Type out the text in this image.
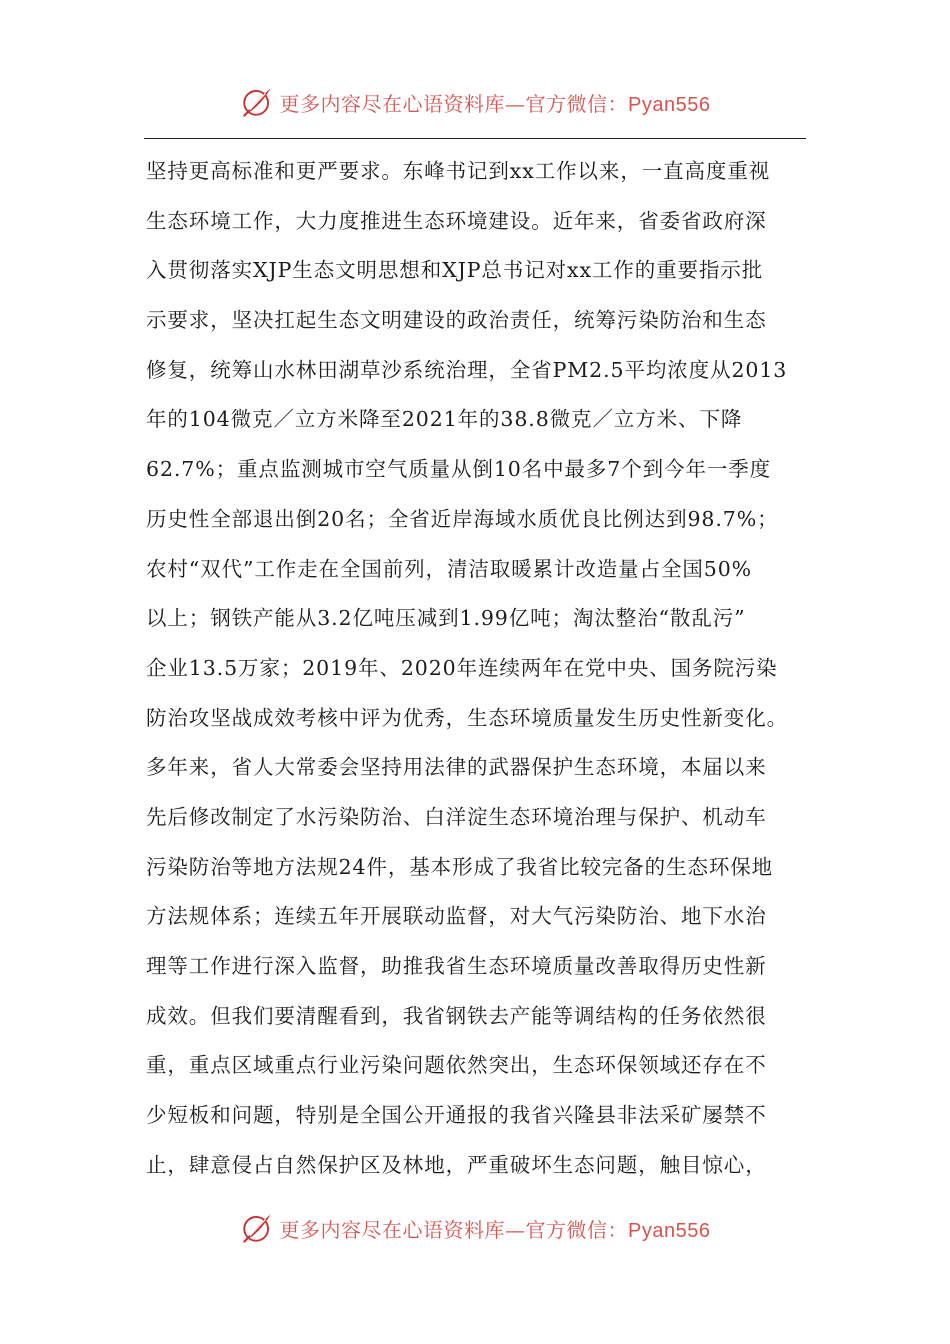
更多内容尽在心语资料库—官方微信：Pyan556
坚持更高标准和更严要求。东峰书记到xx工作以来，一直高度重视
生态环境工作，大力度推进生态环境建设。近年来，省委省政府深
入贯彻落实XJP生态文明思想和XJP总书记对xx工作的重要指示批
示要求，坚决扛起生态文明建设的政治责任，统筹污染防治和生态
修复，统筹山水林田湖草沙系统治理，全省PM2.5平均浓度从2013
年的104微克／立方米降至2021年的38.8微克／立方米、下降
62.7%；重点监测城市空气质量从倒10名中最多7个到今年一季度
历史性全部退出倒20名；全省近岸海域水质优良比例达到98.7%；
农村“双代”工作走在全国前列，清洁取暖累计改造量占全国50%
以上；钢铁产能从3.2亿吨压减到1.99亿吨；淘汰整治“散乱污”
企业13.5万家；2019年、2020年连续两年在党中央、国务院污染
防治攻坚战成效考核中评为优秀，生态环境质量发生历史性新变化。
多年来，省人大常委会坚持用法律的武器保护生态环境，本届以来
先后修改制定了水污染防治、白洋淀生态环境治理与保护、机动车
污染防治等地方法规24件，基本形成了我省比较完备的生态环保地
方法规体系；连续五年开展联动监督，对大气污染防治、地下水治
理等工作进行深入监督，助推我省生态环境质量改善取得历史性新
成效。但我们要清醒看到，我省钢铁去产能等调结构的任务依然很
重，重点区域重点行业污染问题依然突出，生态环保领域还存在不
少短板和问题，特别是全国公开通报的我省兴隆县非法采矿屡禁不
止，肆意侵占自然保护区及林地，严重破坏生态问题，触目惊心，
更多内容尽在心语资料库—官方微信：Pyan556
